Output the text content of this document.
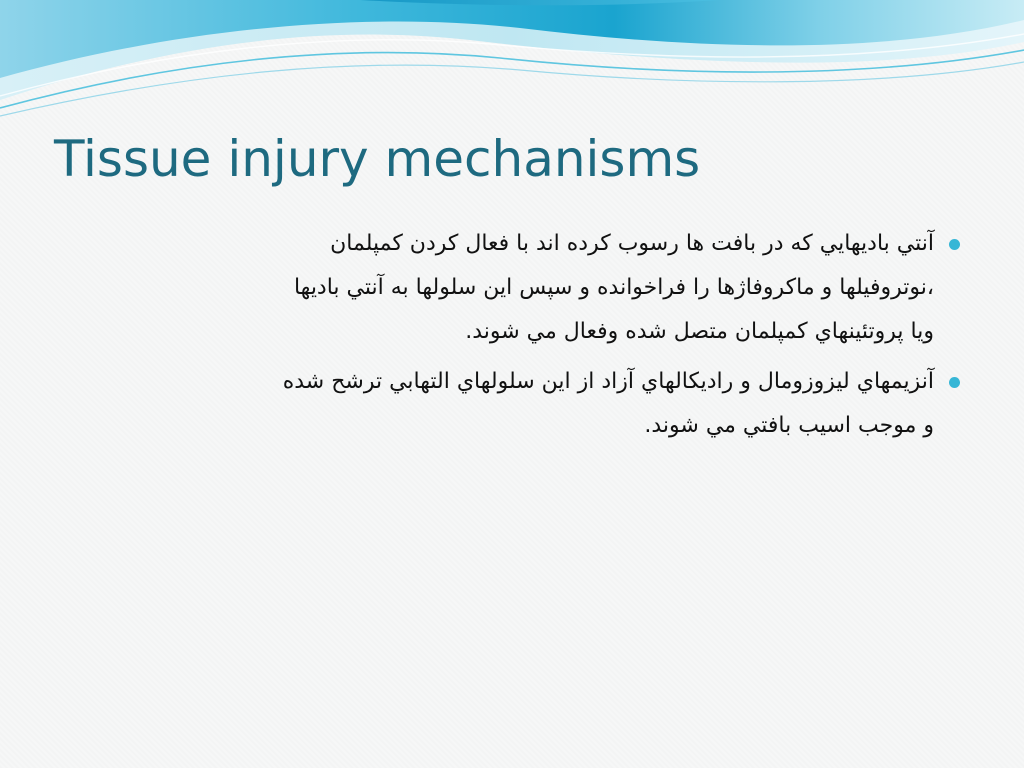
Tissue injury mechanisms
آنتي باديهايي که در بافت ها رسوب کرده اند با فعال کردن کمپلمان
،نوتروفيلها و ماکروفاژها را فراخوانده و سپس اين سلولها به آنتي باديها
ويا پروتئينهاي کمپلمان متصل شده وفعال مي شوند.
آنزيمهاي ليزوزومال و راديکالهاي آزاد از اين سلولهاي التهابي ترشح شده
و موجب اسيب بافتي مي شوند.
